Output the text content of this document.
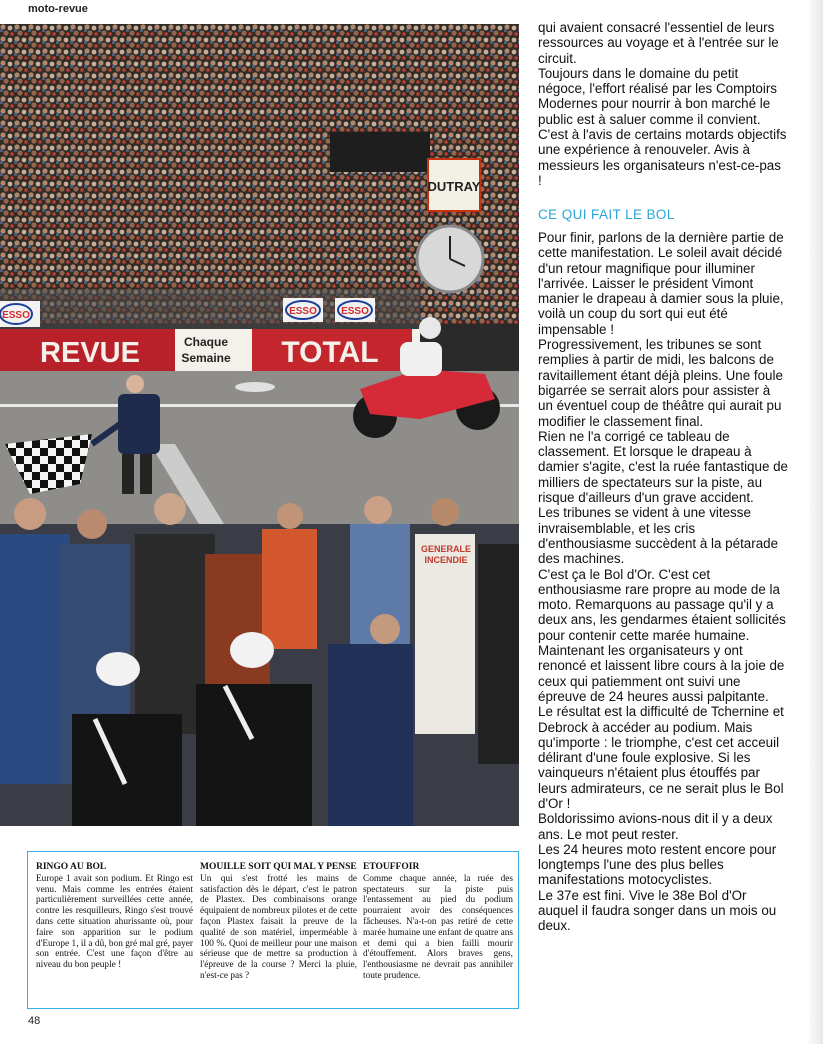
moto-revue
ESSO	ESSO ESSO
DUTRAY
REVUE	Chaque
Semaine TOTAL
GENERALE
INCENDIE

qui avaient consacré l'essentiel de leurs ressources au voyage et à l'entrée sur le circuit.

Toujours dans le domaine du petit négoce, l'effort réalisé par les Comptoirs Modernes pour nourrir à bon marché le public est à saluer comme il convient.

C'est à l'avis de certains motards objectifs une expérience à renouveler. Avis à messieurs les organisateurs n'est-ce-pas !

CE QUI FAIT LE BOL

Pour finir, parlons de la dernière partie de cette manifestation. Le soleil avait décidé d'un retour magnifique pour illuminer l'arrivée. Laisser le président Vimont manier le drapeau à damier sous la pluie, voilà un coup du sort qui eut été impensable !

Progressivement, les tribunes se sont remplies à partir de midi, les balcons de ravitaillement étant déjà pleins. Une foule bigarrée se serrait alors pour assister à un éventuel coup de théâtre qui aurait pu modifier le classement final.

Rien ne l'a corrigé ce tableau de classement. Et lorsque le drapeau à damier s'agite, c'est la ruée fantastique de milliers de spectateurs sur la piste, au risque d'ailleurs d'un grave accident.

Les tribunes se vident à une vitesse invraisemblable, et les cris d'enthousiasme succèdent à la pétarade des machines.

C'est ça le Bol d'Or. C'est cet enthousiasme rare propre au mode de la moto. Remarquons au passage qu'il y a deux ans, les gendarmes étaient sollicités pour contenir cette marée humaine. Maintenant les organisateurs y ont renoncé et laissent libre cours à la joie de ceux qui patiemment ont suivi une épreuve de 24 heures aussi palpitante.

Le résultat est la difficulté de Tchernine et Debrock à accéder au podium. Mais qu'importe : le triomphe, c'est cet acceuil délirant d'une foule explosive. Si les vainqueurs n'étaient plus étouffés par leurs admirateurs, ce ne serait plus le Bol d'Or !

Boldorissimo avions-nous dit il y a deux ans. Le mot peut rester.

Les 24 heures moto restent encore pour longtemps l'une des plus belles manifestations motocyclistes.

Le 37e est fini. Vive le 38e Bol d'Or auquel il faudra songer dans un mois ou deux.

RINGO AU BOL

Europe 1 avait son podium. Et Ringo est venu. Mais comme les entrées étaient particulièrement surveillées cette année, contre les resquilleurs, Ringo s'est trouvé dans cette situation ahurissante où, pour faire son apparition sur le podium d'Europe 1, il a dû, bon gré mal gré, payer son entrée. C'est une façon d'être au niveau du bon peuple !

MOUILLE SOIT QUI MAL Y PENSE

Un qui s'est frotté les mains de satisfaction dès le départ, c'est le patron de Plastex. Des combinaisons orange équipaient de nombreux pilotes et de cette façon Plastex faisait la preuve de la qualité de son matériel, imperméable à 100 %. Quoi de meilleur pour une maison sérieuse que de mettre sa production à l'épreuve de la course ? Merci la pluie, n'est-ce pas ?

ETOUFFOIR

Comme chaque année, la ruée des spectateurs sur la piste puis l'entassement au pied du podium pourraient avoir des conséquences fâcheuses. N'a-t-on pas retiré de cette marée humaine une enfant de quatre ans et demi qui a bien failli mourir d'étouffement. Alors braves gens, l'enthousiasme ne devrait pas annihiler toute prudence.

48
